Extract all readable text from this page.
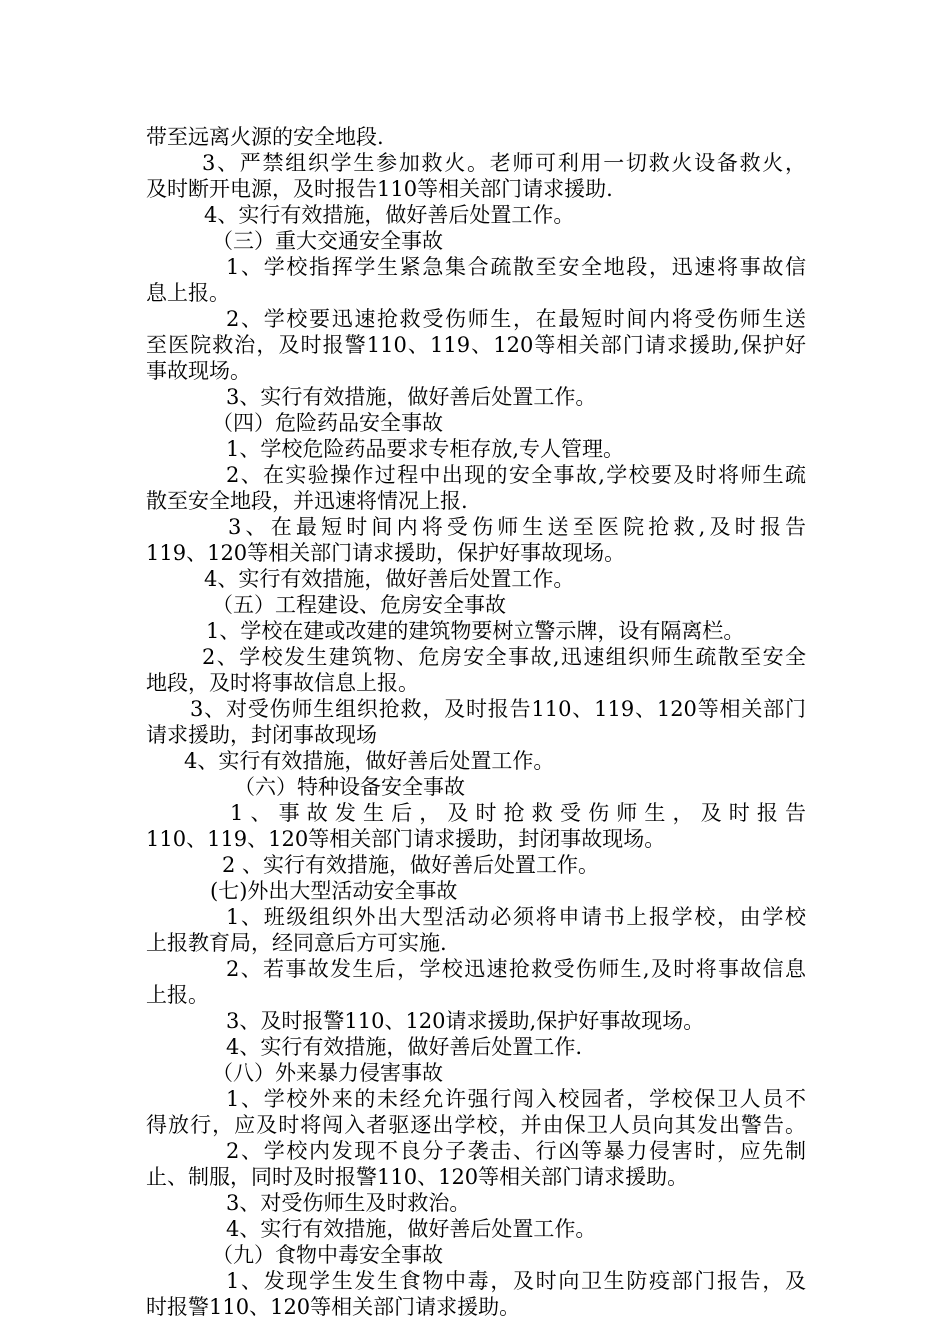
带至远离火源的安全地段.
3、严禁组织学生参加救火。老师可利用一切救火设备救火，
及时断开电源，及时报告110等相关部门请求援助.
4、实行有效措施，做好善后处置工作。
（三）重大交通安全事故
1、学校指挥学生紧急集合疏散至安全地段，迅速将事故信
息上报。
2、学校要迅速抢救受伤师生，在最短时间内将受伤师生送
至医院救治，及时报警110、119、120等相关部门请求援助,保护好
事故现场。
3、实行有效措施，做好善后处置工作。
（四）危险药品安全事故
1、学校危险药品要求专柜存放,专人管理。
2、在实验操作过程中出现的安全事故,学校要及时将师生疏
散至安全地段，并迅速将情况上报.
3、在最短时间内将受伤师生送至医院抢救,及时报告
119、120等相关部门请求援助，保护好事故现场。
4、实行有效措施，做好善后处置工作。
（五）工程建设、危房安全事故
1、学校在建或改建的建筑物要树立警示牌，设有隔离栏。
2、学校发生建筑物、危房安全事故,迅速组织师生疏散至安全
地段，及时将事故信息上报。
3、对受伤师生组织抢救，及时报告110、119、120等相关部门
请求援助，封闭事故现场
4、实行有效措施，做好善后处置工作。
（六）特种设备安全事故
1、事故发生后，及时抢救受伤师生，及时报告
110、119、120等相关部门请求援助，封闭事故现场。
2 、实行有效措施，做好善后处置工作。
(七)外出大型活动安全事故
1、班级组织外出大型活动必须将申请书上报学校，由学校
上报教育局，经同意后方可实施.
2、若事故发生后，学校迅速抢救受伤师生,及时将事故信息
上报。
3、及时报警110、120请求援助,保护好事故现场。
4、实行有效措施，做好善后处置工作.
（八）外来暴力侵害事故
1、学校外来的未经允许强行闯入校园者，学校保卫人员不
得放行，应及时将闯入者驱逐出学校，并由保卫人员向其发出警告。
2、学校内发现不良分子袭击、行凶等暴力侵害时，应先制
止、制服，同时及时报警110、120等相关部门请求援助。
3、对受伤师生及时救治。
4、实行有效措施，做好善后处置工作。
（九）食物中毒安全事故
1、发现学生发生食物中毒，及时向卫生防疫部门报告，及
时报警110、120等相关部门请求援助。
